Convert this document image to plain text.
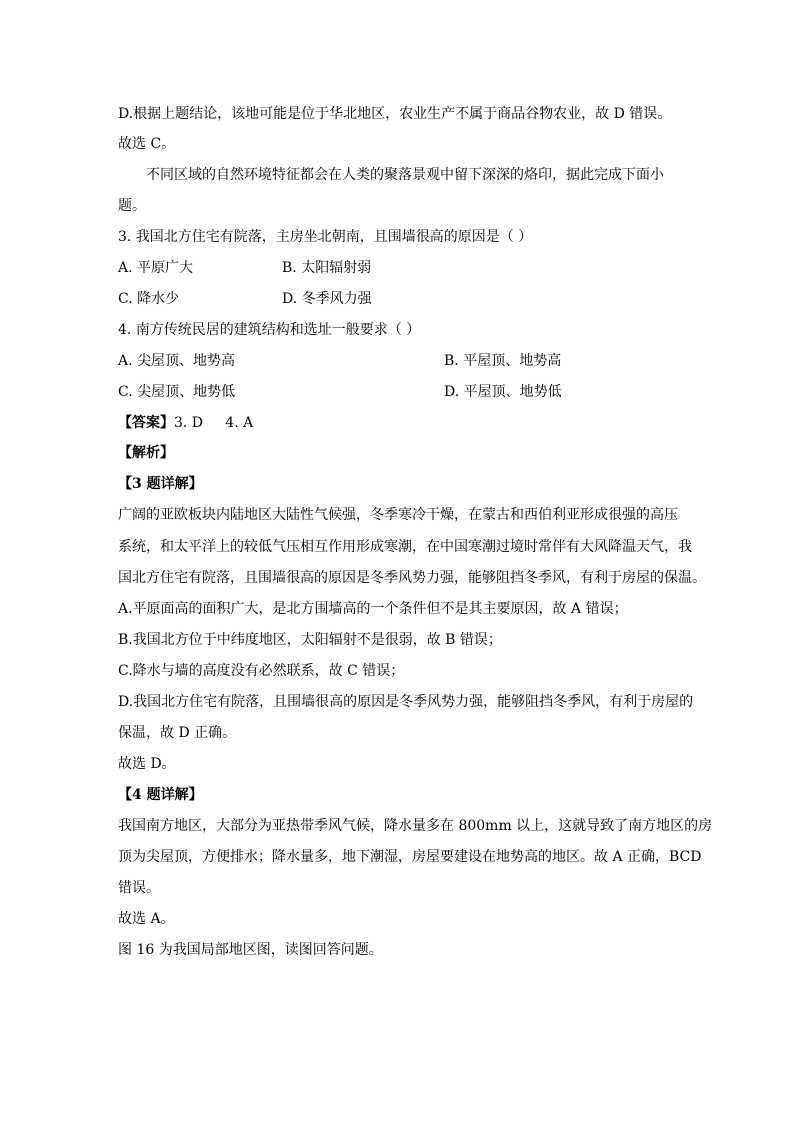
D.根据上题结论，该地可能是位于华北地区，农业生产不属于商品谷物农业，故 D 错误。
故选 C。
不同区域的自然环境特征都会在人类的聚落景观中留下深深的烙印，据此完成下面小
题。
3. 我国北方住宅有院落，主房坐北朝南，且围墙很高的原因是（ ）
A. 平原广大	B. 太阳辐射弱
C. 降水少	D. 冬季风力强
4. 南方传统民居的建筑结构和选址一般要求（ ）
A. 尖屋顶、地势高	B. 平屋顶、地势高
C. 尖屋顶、地势低	D. 平屋顶、地势低
【答案】3. D     4. A
【解析】
【3 题详解】
广阔的亚欧板块内陆地区大陆性气候强，冬季寒冷干燥，在蒙古和西伯利亚形成很强的高压
系统，和太平洋上的较低气压相互作用形成寒潮，在中国寒潮过境时常伴有大风降温天气，我
国北方住宅有院落，且围墙很高的原因是冬季风势力强，能够阻挡冬季风，有利于房屋的保温。
A.平原面高的面积广大，是北方围墙高的一个条件但不是其主要原因，故 A 错误；
B.我国北方位于中纬度地区，太阳辐射不是很弱，故 B 错误；
C.降水与墙的高度没有必然联系，故 C 错误；
D.我国北方住宅有院落，且围墙很高的原因是冬季风势力强，能够阻挡冬季风，有利于房屋的
保温，故 D 正确。
故选 D。
【4 题详解】
我国南方地区，大部分为亚热带季风气候，降水量多在 800mm 以上，这就导致了南方地区的房
顶为尖屋顶，方便排水；降水量多，地下潮湿，房屋要建设在地势高的地区。故 A 正确，BCD
错误。
故选 A。
图 16 为我国局部地区图，读图回答问题。
